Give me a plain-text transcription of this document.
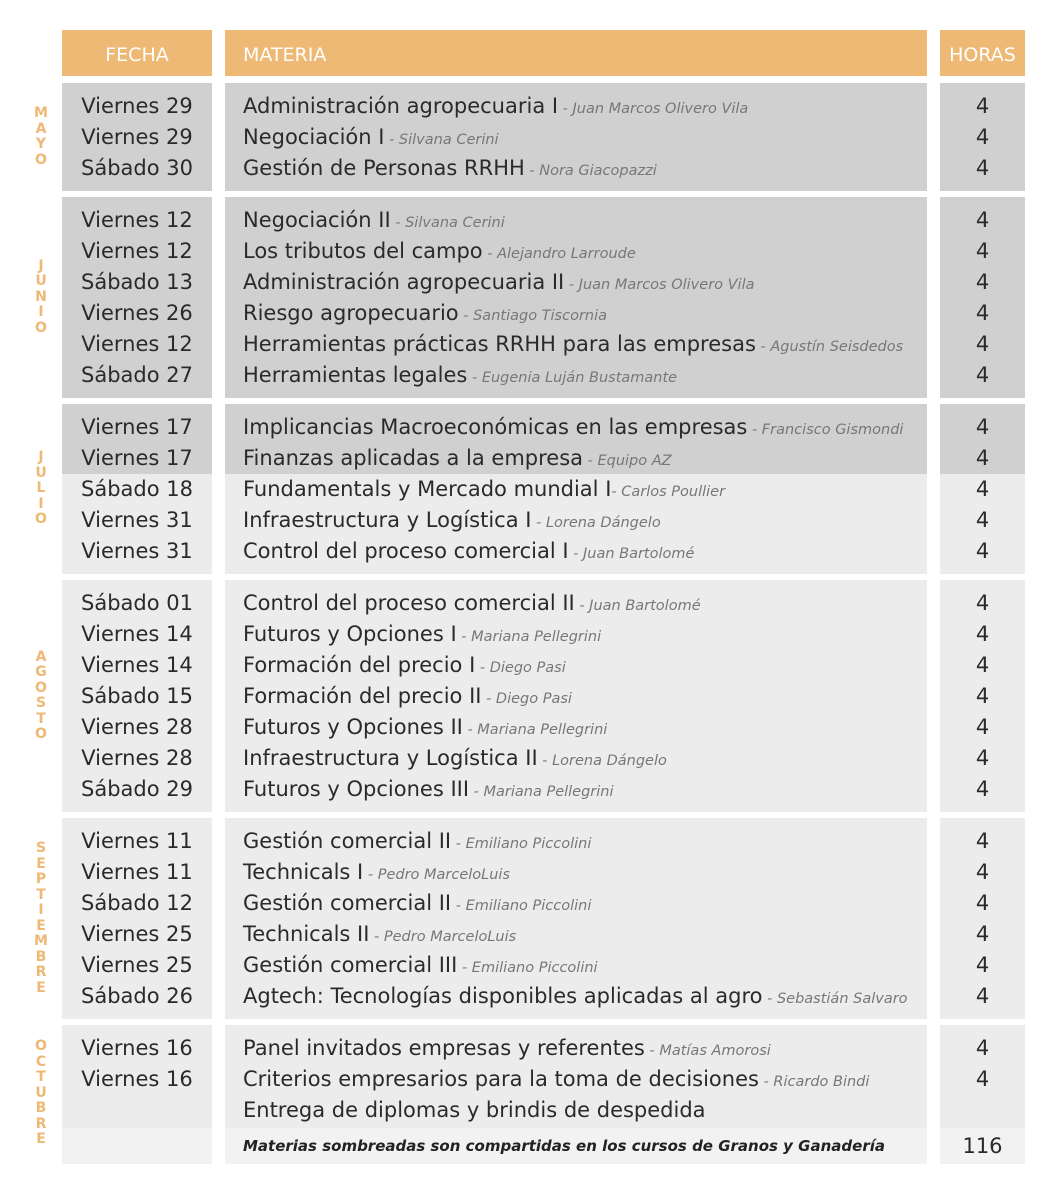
FECHA	MATERIA	HORAS
M
A
Y
O
Viernes 29	Administración agropecuaria I - Juan Marcos Olivero Vila	4
Viernes 29	Negociación I - Silvana Cerini	4
Sábado 30	Gestión de Personas RRHH - Nora Giacopazzi	4
J
U
N
I
O
Viernes 12	Negociación II - Silvana Cerini	4
Viernes 12	Los tributos del campo - Alejandro Larroude	4
Sábado 13	Administración agropecuaria II - Juan Marcos Olivero Vila	4
Viernes 26	Riesgo agropecuario - Santiago Tiscornia	4
Viernes 12	Herramientas prácticas RRHH para las empresas - Agustín Seisdedos	4
Sábado 27	Herramientas legales - Eugenia Luján Bustamante	4
J
U
L
I
O
Viernes 17	Implicancias Macroeconómicas en las empresas - Francisco Gismondi	4
Viernes 17	Finanzas aplicadas a la empresa - Equipo AZ	4
Sábado 18	Fundamentals y Mercado mundial I- Carlos Poullier	4
Viernes 31	Infraestructura y Logística I - Lorena Dángelo	4
Viernes 31	Control del proceso comercial I - Juan Bartolomé	4
A
G
O
S
T
O
Sábado 01	Control del proceso comercial II - Juan Bartolomé	4
Viernes 14	Futuros y Opciones I - Mariana Pellegrini	4
Viernes 14	Formación del precio I - Diego Pasi	4
Sábado 15	Formación del precio II - Diego Pasi	4
Viernes 28	Futuros y Opciones II - Mariana Pellegrini	4
Viernes 28	Infraestructura y Logística II - Lorena Dángelo	4
Sábado 29	Futuros y Opciones III - Mariana Pellegrini	4
S
E
P
T
I
E
M
B
R
E
Viernes 11	Gestión comercial II - Emiliano Piccolini	4
Viernes 11	Technicals I - Pedro MarceloLuis	4
Sábado 12	Gestión comercial II - Emiliano Piccolini	4
Viernes 25	Technicals II - Pedro MarceloLuis	4
Viernes 25	Gestión comercial III - Emiliano Piccolini	4
Sábado 26	Agtech: Tecnologías disponibles aplicadas al agro - Sebastián Salvaro	4
O
C
T
U
B
R
E
Viernes 16	Panel invitados empresas y referentes - Matías Amorosi	4
Viernes 16	Criterios empresarios para la toma de decisiones - Ricardo Bindi	4
Entrega de diplomas y brindis de despedida
Materias sombreadas son compartidas en los cursos de Granos y Ganadería	116
